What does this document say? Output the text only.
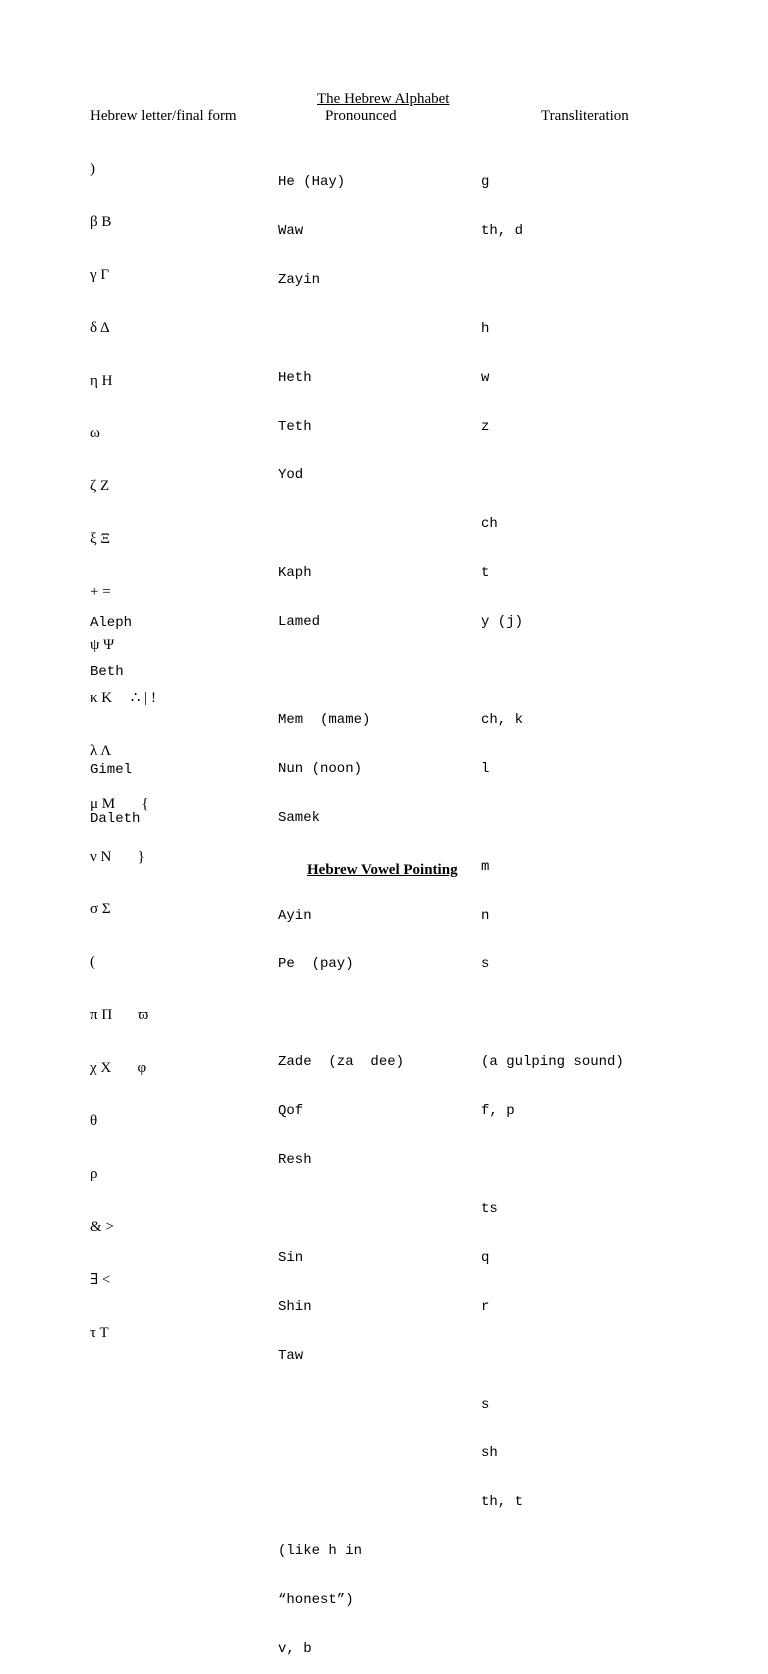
The Hebrew Alphabet
Hebrew letter/final form	Pronounced	Transliteration

)

β Β

γ Γ

δ Δ

η Η

ω

ζ Ζ

ξ Ξ

+ =

ψ Ψ

κ Κ     ∴ | !

λ Λ

μ Μ       {

ν Ν       }

σ Σ

(

π Π       ϖ

χ Χ       φ

θ

ρ

& >

∃ <

τ Τ

Aleph

Beth

Gimel

Daleth

He (Hay)

Waw

Zayin

Heth

Teth

Yod

Kaph

Lamed

Mem  (mame)

Nun (noon)

Samek

Ayin

Pe  (pay)

Zade  (za  dee)

Qof

Resh

Sin

Shin

Taw

(like h in

“honest”)

v, b

g

th, d

h

w

z

ch

t

y (j)

ch, k

l

m

n

s

(a gulping sound)

f, p

ts

q

r

s

sh

th, t

Hebrew Vowel Pointing
